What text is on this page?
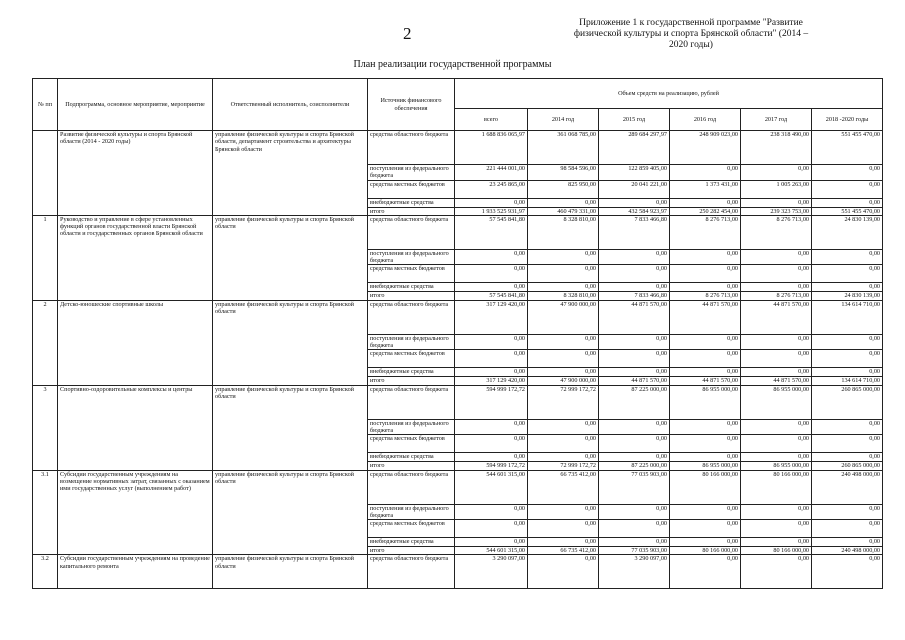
2
Приложение 1 к государственной программе "Развитие физической культуры и спорта Брянской области" (2014 – 2020 годы)
План реализации государственной программы
№ пп	Подпрограмма, основное мероприятие, мероприятие	Ответственный исполнитель, соисполнители	Источник финансового обеспечения	Объем средств на реализацию, рублей					
				всего	2014 год	2015 год	2016 год	2017 год	2018 -2020 годы
	Развитие физической культуры и спорта Брянской области (2014 - 2020 годы)	управление физической культуры и спорта Брянской области, департамент строительства и архитектуры Брянской области	средства областного бюджета	1 688 836 065,97	361 068 785,00	289 684 297,97	248 909 023,00	238 318 490,00	551 455 470,00
			поступления из федерального бюджета	221 444 001,00	98 584 596,00	122 859 405,00	0,00	0,00	0,00
			средства местных бюджетов	23 245 865,00	825 950,00	20 041 221,00	1 373 431,00	1 005 263,00	0,00
			внебюджетные средства	0,00	0,00	0,00	0,00	0,00	0,00
			итого	1 933 525 931,97	460 479 331,00	432 584 923,97	250 282 454,00	239 323 753,00	551 455 470,00
1	Руководство и управление в сфере установленных функций органов государственной власти Брянской области и государственных органов Брянской области	управление физической культуры и спорта Брянской области	средства областного бюджета	57 545 841,80	8 328 810,00	7 833 466,80	8 276 713,00	8 276 713,00	24 830 139,00
			поступления из федерального бюджета	0,00	0,00	0,00	0,00	0,00	0,00
			средства местных бюджетов	0,00	0,00	0,00	0,00	0,00	0,00
			внебюджетные средства	0,00	0,00	0,00	0,00	0,00	0,00
			итого	57 545 841,80	8 328 810,00	7 833 466,80	8 276 713,00	8 276 713,00	24 830 139,00
2	Детско-юношеские спортивные школы	управление физической культуры и спорта Брянской области	средства областного бюджета	317 129 420,00	47 900 000,00	44 871 570,00	44 871 570,00	44 871 570,00	134 614 710,00
			поступления из федерального бюджета	0,00	0,00	0,00	0,00	0,00	0,00
			средства местных бюджетов	0,00	0,00	0,00	0,00	0,00	0,00
			внебюджетные средства	0,00	0,00	0,00	0,00	0,00	0,00
			итого	317 129 420,00	47 900 000,00	44 871 570,00	44 871 570,00	44 871 570,00	134 614 710,00
3	Спортивно-оздоровительные комплексы и центры	управление физической культуры и спорта Брянской области	средства областного бюджета	594 999 172,72	72 999 172,72	87 225 000,00	86 955 000,00	86 955 000,00	260 865 000,00
			поступления из федерального бюджета	0,00	0,00	0,00	0,00	0,00	0,00
			средства местных бюджетов	0,00	0,00	0,00	0,00	0,00	0,00
			внебюджетные средства	0,00	0,00	0,00	0,00	0,00	0,00
			итого	594 999 172,72	72 999 172,72	87 225 000,00	86 955 000,00	86 955 000,00	260 865 000,00
3.1	Субсидии государственным учреждениям на возмещение нормативных затрат, связанных с оказанием ими государственных услуг (выполнением работ)	управление физической культуры и спорта Брянской области	средства областного бюджета	544 601 315,00	66 735 412,00	77 035 903,00	80 166 000,00	80 166 000,00	240 498 000,00
			поступления из федерального бюджета	0,00	0,00	0,00	0,00	0,00	0,00
			средства местных бюджетов	0,00	0,00	0,00	0,00	0,00	0,00
			внебюджетные средства	0,00	0,00	0,00	0,00	0,00	0,00
			итого	544 601 315,00	66 735 412,00	77 035 903,00	80 166 000,00	80 166 000,00	240 498 000,00
3.2	Субсидии государственным учреждениям на проведение капитального ремонта	управление физической культуры и спорта Брянской области	средства областного бюджета	3 290 097,00	0,00	3 290 097,00	0,00	0,00	0,00
